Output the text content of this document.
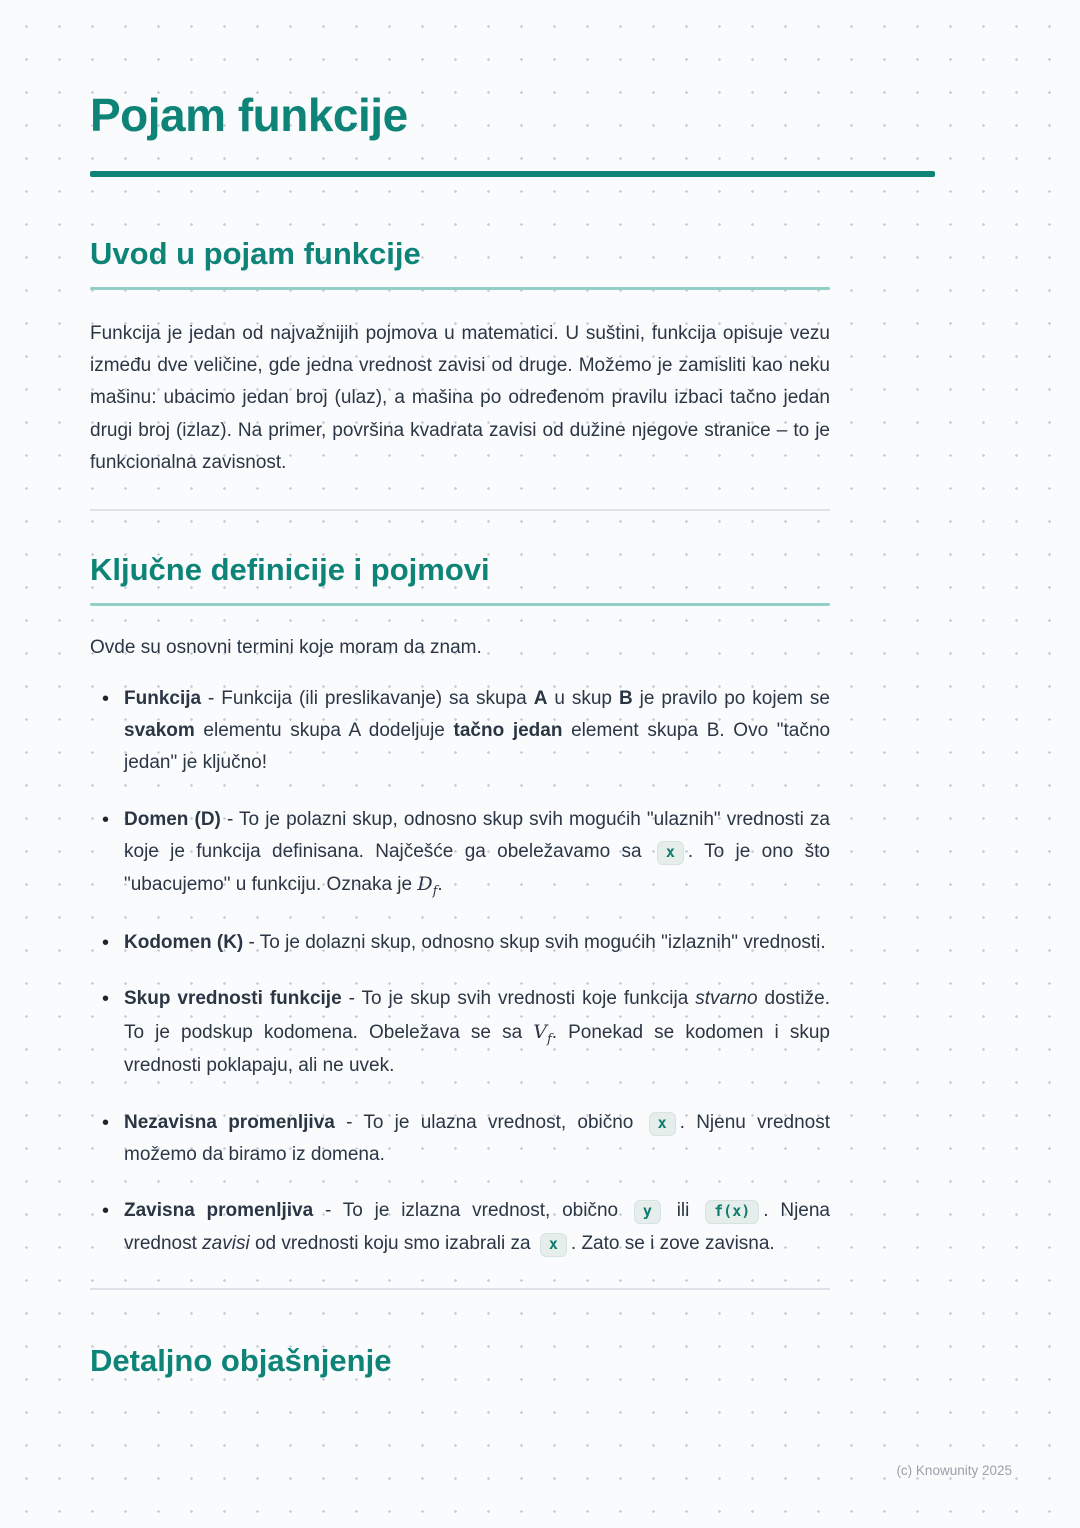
Pojam funkcije
Uvod u pojam funkcije

Funkcija je jedan od najvažnijih pojmova u matematici. U suštini, funkcija opisuje vezu između dve veličine, gde jedna vrednost zavisi od druge. Možemo je zamisliti kao neku mašinu: ubacimo jedan broj (ulaz), a mašina po određenom pravilu izbaci tačno jedan drugi broj (izlaz). Na primer, površina kvadrata zavisi od dužine njegove stranice – to je funkcionalna zavisnost.

Ključne definicije i pojmovi

Ovde su osnovni termini koje moram da znam.

• Funkcija - Funkcija (ili preslikavanje) sa skupa A u skup B je pravilo po kojem se svakom elementu skupa A dodeljuje tačno jedan element skupa B. Ovo "tačno jedan" je ključno!
• Domen (D) - To je polazni skup, odnosno skup svih mogućih "ulaznih" vrednosti za koje je funkcija definisana. Najčešće ga obeležavamo sa x . To je ono što "ubacujemo" u funkciju. Oznaka je $D_f$.
• Kodomen (K) - To je dolazni skup, odnosno skup svih mogućih "izlaznih" vrednosti.
• Skup vrednosti funkcije - To je skup svih vrednosti koje funkcija stvarno dostiže. To je podskup kodomena. Obeležava se sa $V_f$. Ponekad se kodomen i skup vrednosti poklapaju, ali ne uvek.
• Nezavisna promenljiva - To je ulazna vrednost, obično x . Njenu vrednost možemo da biramo iz domena.
• Zavisna promenljiva - To je izlazna vrednost, obično y ili f(x) . Njena vrednost zavisi od vrednosti koju smo izabrali za x . Zato se i zove zavisna.
Detaljno objašnjenje
(c) Knowunity 2025
